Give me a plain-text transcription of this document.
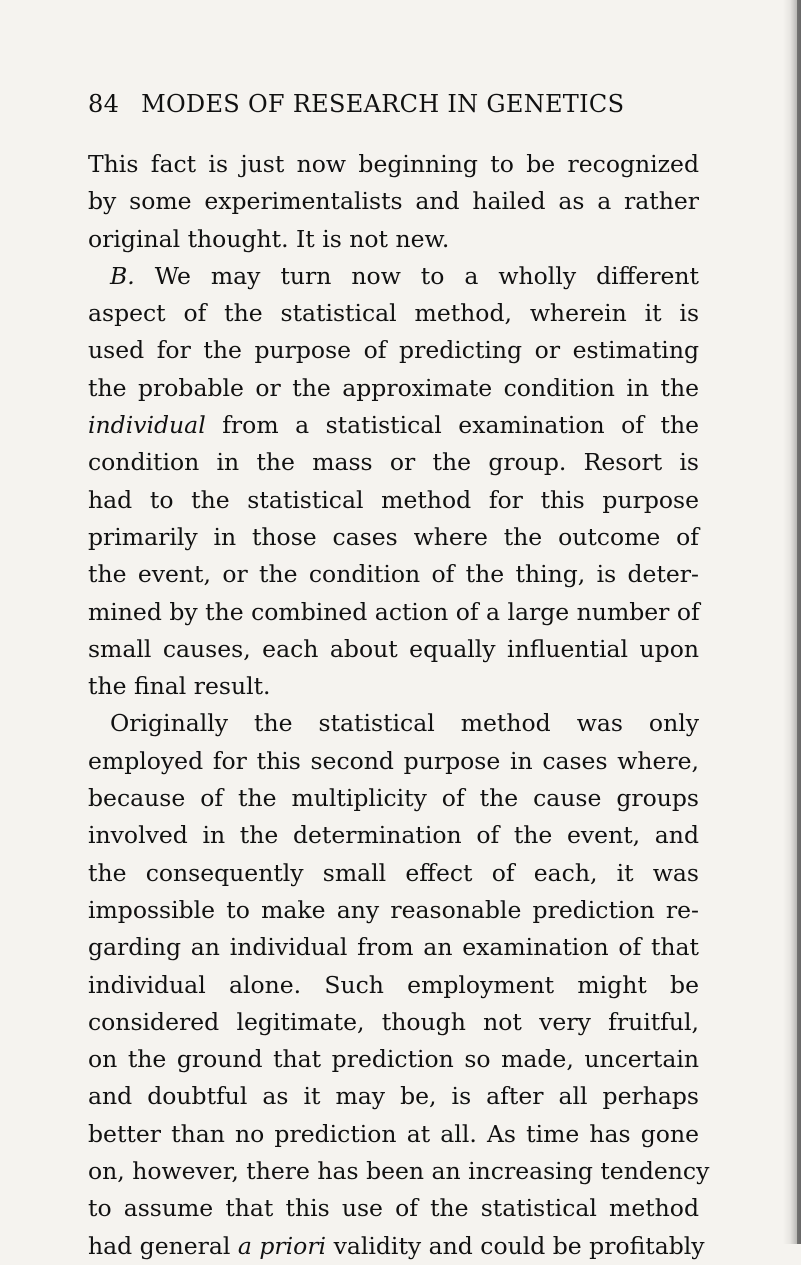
84 MODES OF RESEARCH IN GENETICS
This fact is just now beginning to be recognized
by some experimentalists and hailed as a rather
original thought. It is not new.
B. We may turn now to a wholly different
aspect of the statistical method, wherein it is
used for the purpose of predicting or estimating
the probable or the approximate condition in the
individual from a statistical examination of the
condition in the mass or the group. Resort is
had to the statistical method for this purpose
primarily in those cases where the outcome of
the event, or the condition of the thing, is deter-
mined by the combined action of a large number of
small causes, each about equally influential upon
the final result.
Originally the statistical method was only
employed for this second purpose in cases where,
because of the multiplicity of the cause groups
involved in the determination of the event, and
the consequently small effect of each, it was
impossible to make any reasonable prediction re-
garding an individual from an examination of that
individual alone. Such employment might be
considered legitimate, though not very fruitful,
on the ground that prediction so made, uncertain
and doubtful as it may be, is after all perhaps
better than no prediction at all. As time has gone
on, however, there has been an increasing tendency
to assume that this use of the statistical method
had general a priori validity and could be profitably
